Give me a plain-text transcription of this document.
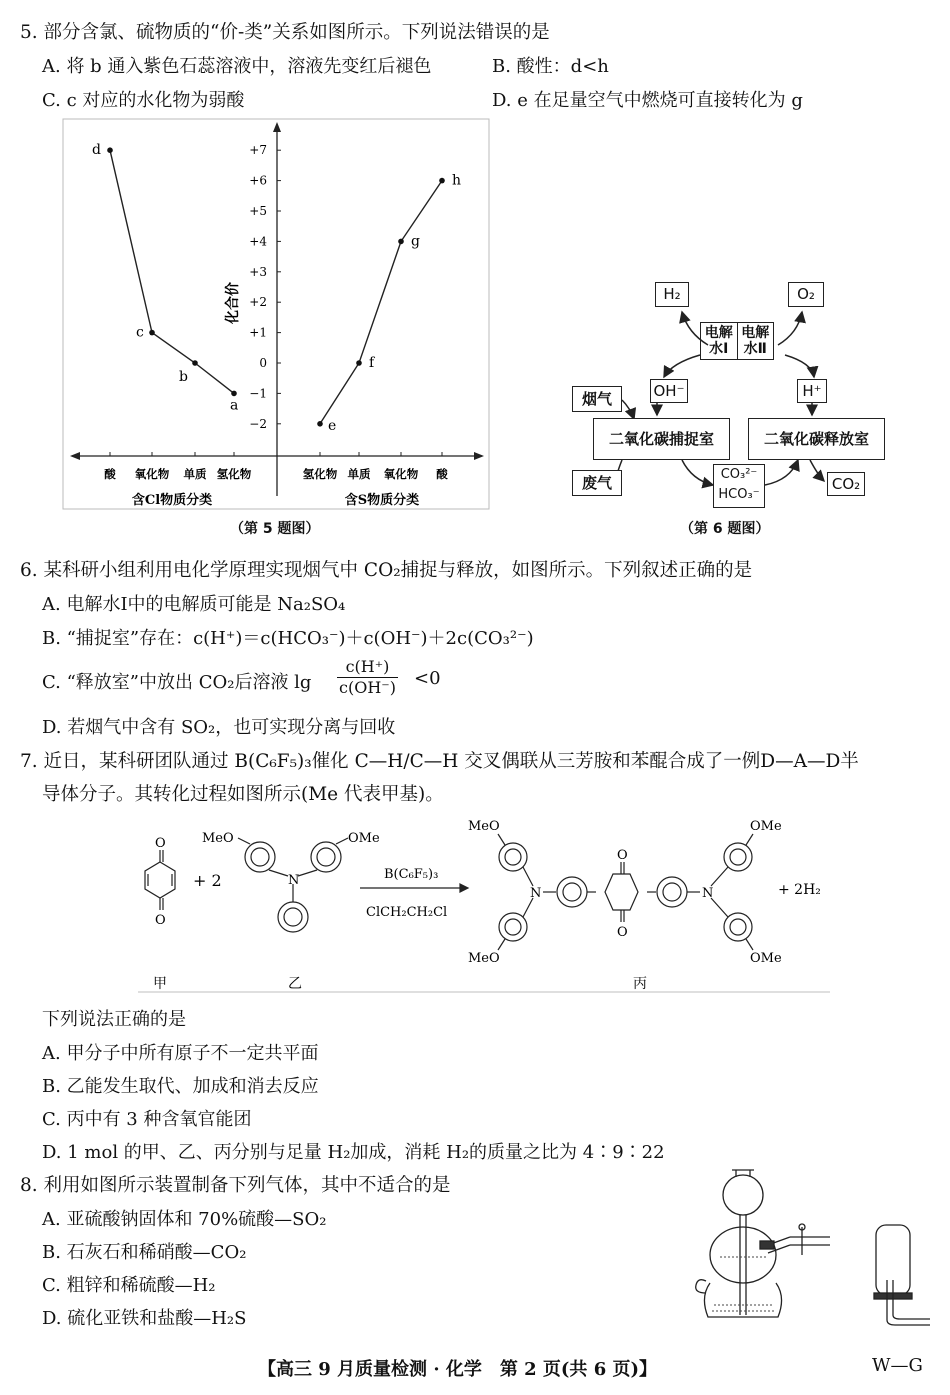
5. 部分含氯、硫物质的“价-类”关系如图所示。下列说法错误的是
A. 将 b 通入紫色石蕊溶液中，溶液先变红后褪色	B. 酸性：d<h
C. c 对应的水化物为弱酸	D. e 在足量空气中燃烧可直接转化为 g
+7
+6
+5
+4
+3
+2
+1
0
−1
−2
化合价
酸 氧化物 单质 氢化物	氢化物 单质 氧化物 酸
含Cl物质分类	含S物质分类
d
c
b
a
e
f
g
h
（第 5 题图）
H₂	O₂
电解水Ⅰ
电解水Ⅱ
OH⁻	H⁺
烟气
二氧化碳捕捉室	二氧化碳释放室
废气	CO₃²⁻
HCO₃⁻
CO₂
（第 6 题图）
6. 某科研小组利用电化学原理实现烟气中 CO₂捕捉与释放，如图所示。下列叙述正确的是
A. 电解水Ⅰ中的电解质可能是 Na₂SO₄
B. “捕捉室”存在：c(H⁺)＝c(HCO₃⁻)＋c(OH⁻)＋2c(CO₃²⁻)
C. “释放室”中放出 CO₂后溶液 $\lg \frac{c(H^+)}{c(OH^-)} <0$
D. 若烟气中含有 SO₂，也可实现分离与回收
7. 近日，某科研团队通过 B(C₆F₅)₃催化 C—H/C—H 交叉偶联从三芳胺和苯醌合成了一例D—A—D半
导体分子。其转化过程如图所示(Me 代表甲基)。
O
O
+ 2
MeO	OMe
N	B(C₆F₅)₃
ClCH₂CH₂Cl
MeO
MeO
OMe
OMe
N	N
O
O
+ 2H₂
甲	乙	丙
下列说法正确的是
A. 甲分子中所有原子不一定共平面
B. 乙能发生取代、加成和消去反应
C. 丙中有 3 种含氧官能团
D. 1 mol 的甲、乙、丙分别与足量 H₂加成，消耗 H₂的质量之比为 4∶9∶22
8. 利用如图所示装置制备下列气体，其中不适合的是
A. 亚硫酸钠固体和 70%硫酸—SO₂
B. 石灰石和稀硝酸—CO₂
C. 粗锌和稀硫酸—H₂
D. 硫化亚铁和盐酸—H₂S
【高三 9 月质量检测 · 化学　第 2 页(共 6 页)】	W—G
